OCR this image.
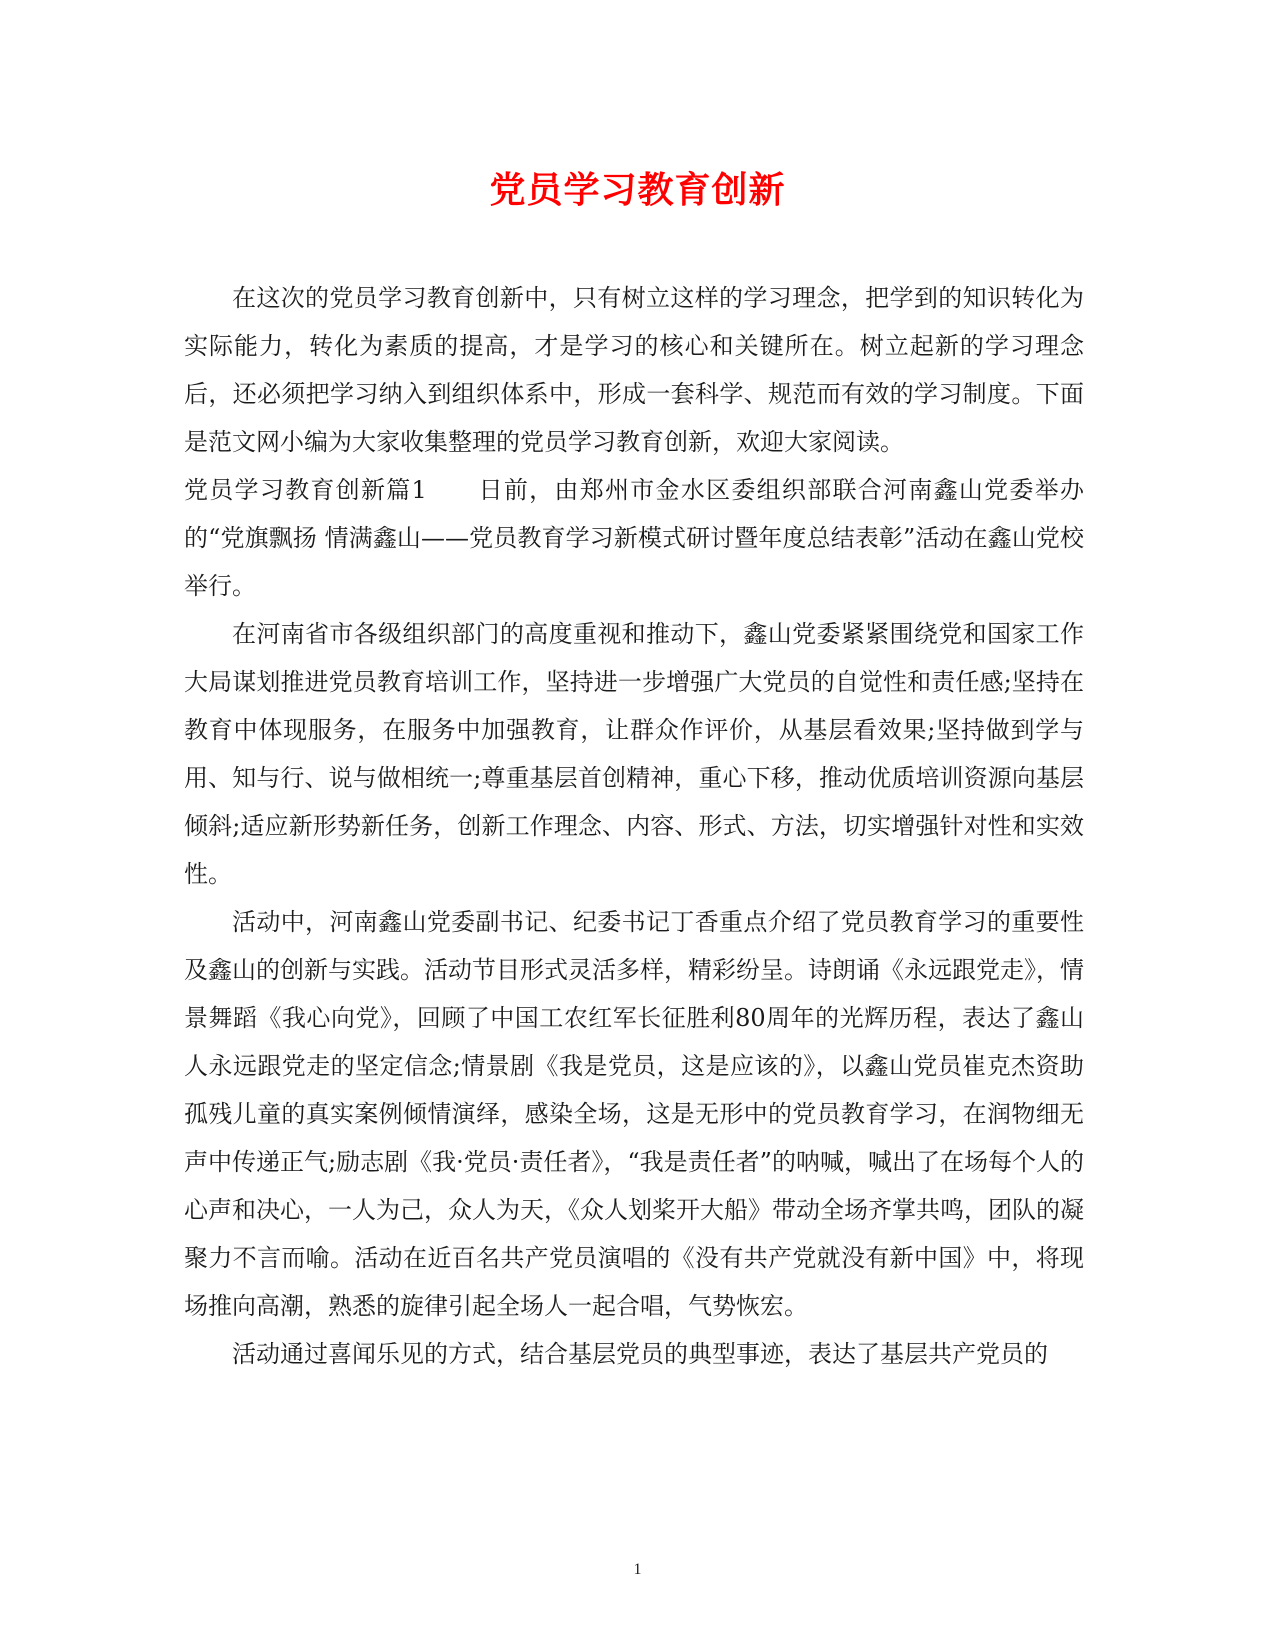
党员学习教育创新

在这次的党员学习教育创新中，只有树立这样的学习理念，把学到的知识转化为实际能力，转化为素质的提高，才是学习的核心和关键所在。树立起新的学习理念后，还必须把学习纳入到组织体系中，形成一套科学、规范而有效的学习制度。下面是范文网小编为大家收集整理的党员学习教育创新，欢迎大家阅读。

党员学习教育创新篇1　　日前，由郑州市金水区委组织部联合河南鑫山党委举办的“党旗飘扬 情满鑫山——党员教育学习新模式研讨暨年度总结表彰”活动在鑫山党校举行。

在河南省市各级组织部门的高度重视和推动下，鑫山党委紧紧围绕党和国家工作大局谋划推进党员教育培训工作，坚持进一步增强广大党员的自觉性和责任感;坚持在教育中体现服务，在服务中加强教育，让群众作评价，从基层看效果;坚持做到学与用、知与行、说与做相统一;尊重基层首创精神，重心下移，推动优质培训资源向基层倾斜;适应新形势新任务，创新工作理念、内容、形式、方法，切实增强针对性和实效性。

活动中，河南鑫山党委副书记、纪委书记丁香重点介绍了党员教育学习的重要性及鑫山的创新与实践。活动节目形式灵活多样，精彩纷呈。诗朗诵《永远跟党走》，情景舞蹈《我心向党》，回顾了中国工农红军长征胜利80周年的光辉历程，表达了鑫山人永远跟党走的坚定信念;情景剧《我是党员，这是应该的》，以鑫山党员崔克杰资助孤残儿童的真实案例倾情演绎，感染全场，这是无形中的党员教育学习，在润物细无声中传递正气;励志剧《我·党员·责任者》，“我是责任者”的呐喊，喊出了在场每个人的心声和决心，一人为己，众人为天，《众人划桨开大船》带动全场齐掌共鸣，团队的凝聚力不言而喻。活动在近百名共产党员演唱的《没有共产党就没有新中国》中，将现场推向高潮，熟悉的旋律引起全场人一起合唱，气势恢宏。

活动通过喜闻乐见的方式，结合基层党员的典型事迹，表达了基层共产党员的

1
